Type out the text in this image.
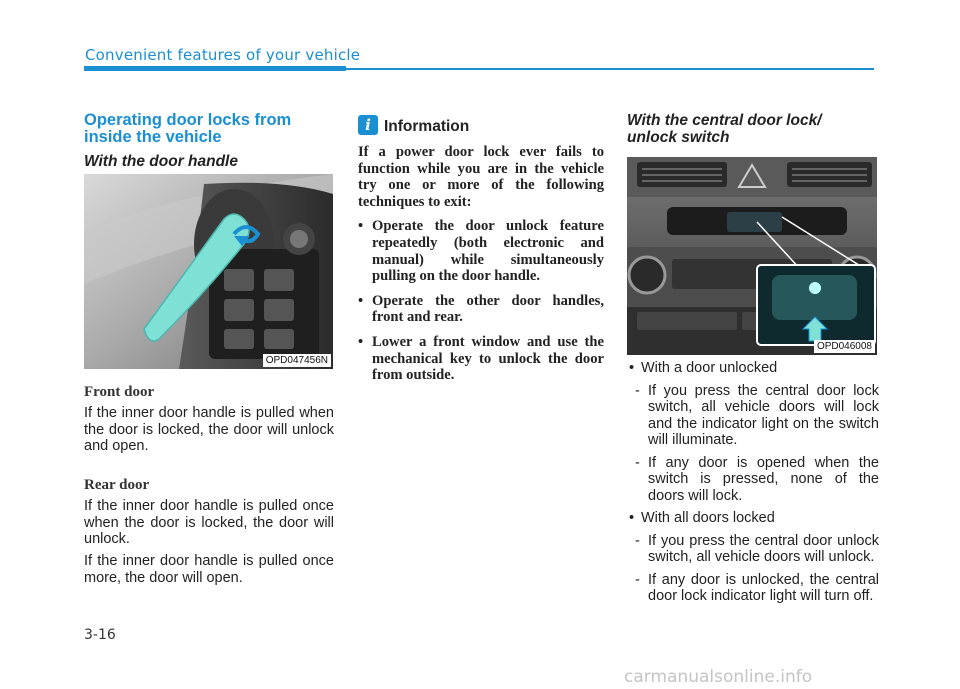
Convenient features of your vehicle
Operating door locks from
inside the vehicle
With the door handle
OPD047456N
Front door
If the inner door handle is pulled when the door is locked, the door will unlock and open.
Rear door
If the inner door handle is pulled once when the door is locked, the door will unlock.
If the inner door handle is pulled once more, the door will open.
i Information
If a power door lock ever fails to function while you are in the vehicle try one or more of the following techniques to exit:
• Operate the door unlock feature repeatedly (both electronic and manual) while simultaneously pulling on the door handle.
• Operate the other door handles, front and rear.
• Lower a front window and use the mechanical key to unlock the door from outside.
With the central door lock/
unlock switch
OPD046008
• With a door unlocked
- If you press the central door lock switch, all vehicle doors will lock and the indicator light on the switch will illuminate.
- If any door is opened when the switch is pressed, none of the doors will lock.
• With all doors locked
- If you press the central door unlock switch, all vehicle doors will unlock.
- If any door is unlocked, the central door lock indicator light will turn off.
3-16
carmanualsonline.info
